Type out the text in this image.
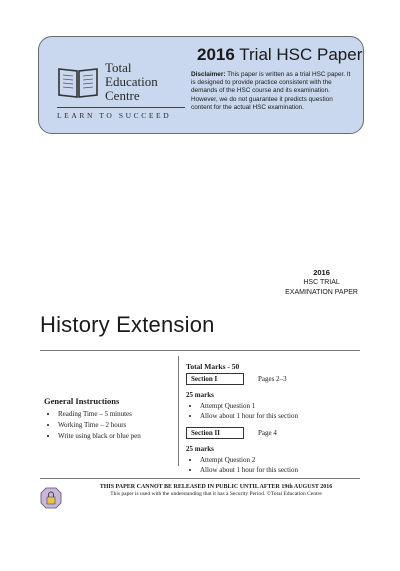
Total
Education
Centre
LEARN TO SUCCEED
2016 Trial HSC Paper
Disclaimer: This paper is written as a trial HSC paper. It is designed to provide practice consistent with the demands of the HSC course and its examination. However, we do not guarantee it predicts question content for the actual HSC examination.
2016
HSC TRIAL
EXAMINATION PAPER
History Extension
General Instructions
• Reading Time – 5 minutes
• Working Time – 2 hours
• Write using black or blue pen
Total Marks - 50
Section I	Pages 2–3
25 marks
• Attempt Question 1
• Allow about 1 hour for this section
Section II	Page 4
25 marks
• Attempt Question 2
• Allow about 1 hour for this section
THIS PAPER CANNOT BE RELEASED IN PUBLIC UNTIL AFTER 19th AUGUST 2016
This paper is used with the understanding that it has a Security Period. ©Total Education Centre
